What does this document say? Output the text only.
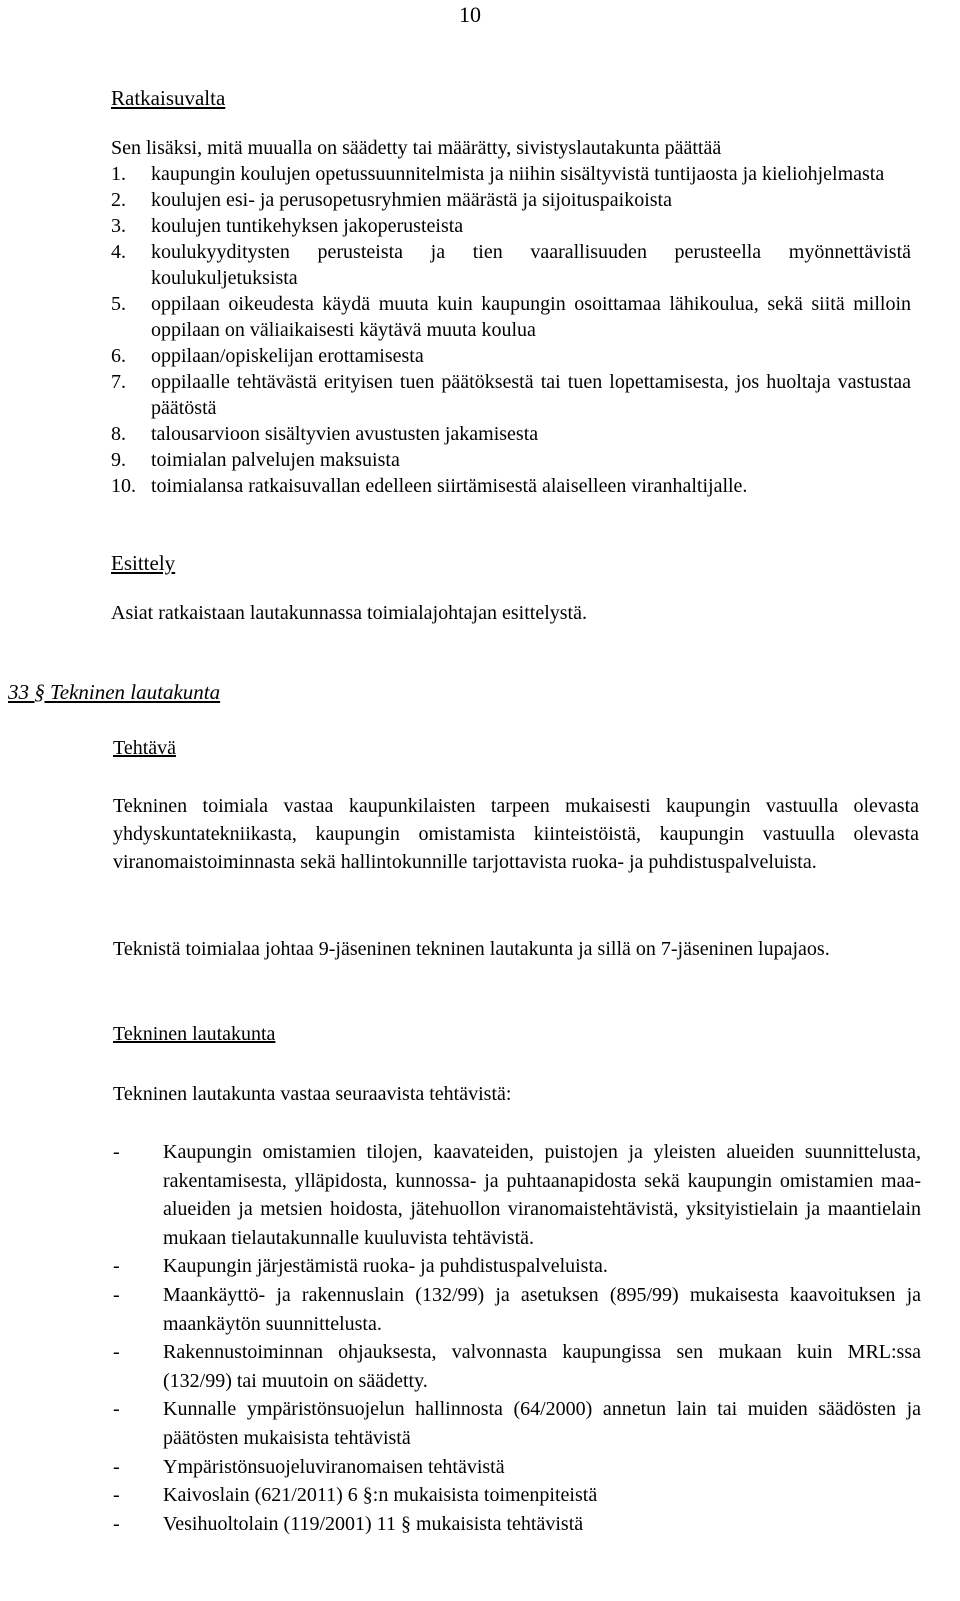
10
Ratkaisuvalta
Sen lisäksi, mitä muualla on säädetty tai määrätty, sivistyslautakunta päättää
1.	kaupungin koulujen opetussuunnitelmista ja niihin sisältyvistä tuntijaosta ja kieliohjelmasta
2.	koulujen esi- ja perusopetusryhmien määrästä ja sijoituspaikoista
3.	koulujen tuntikehyksen jakoperusteista
4.	koulukyyditysten perusteista ja tien vaarallisuuden perusteella myönnettävistä koulukuljetuksista
5.	oppilaan oikeudesta käydä muuta kuin kaupungin osoittamaa lähikoulua, sekä siitä milloin oppilaan on väliaikaisesti käytävä muuta koulua
6.	oppilaan/opiskelijan erottamisesta
7.	oppilaalle tehtävästä erityisen tuen päätöksestä tai tuen lopettamisesta, jos huoltaja vastustaa päätöstä
8.	talousarvioon sisältyvien avustusten jakamisesta
9.	toimialan palvelujen maksuista
10. toimialansa ratkaisuvallan edelleen siirtämisestä alaiselleen viranhaltijalle.
Esittely
Asiat ratkaistaan lautakunnassa toimialajohtajan esittelystä.
33 § Tekninen lautakunta
Tehtävä
Tekninen toimiala vastaa kaupunkilaisten tarpeen mukaisesti kaupungin vastuulla olevasta yhdyskuntatekniikasta, kaupungin omistamista kiinteistöistä, kaupungin vastuulla olevasta viranomaistoiminnasta sekä hallintokunnille tarjottavista ruoka- ja puhdistuspalveluista.
Teknistä toimialaa johtaa 9-jäseninen tekninen lautakunta ja sillä on 7-jäseninen lupajaos.
Tekninen lautakunta
Tekninen lautakunta vastaa seuraavista tehtävistä:
-	Kaupungin omistamien tilojen, kaavateiden, puistojen ja yleisten alueiden suunnittelusta, rakentamisesta, ylläpidosta, kunnossa- ja puhtaanapidosta sekä kaupungin omistamien maa-alueiden ja metsien hoidosta, jätehuollon viranomaistehtävistä, yksityistielain ja maantielain mukaan tielautakunnalle kuuluvista tehtävistä.
-	Kaupungin järjestämistä ruoka- ja puhdistuspalveluista.
-	Maankäyttö- ja rakennuslain (132/99) ja asetuksen (895/99) mukaisesta kaavoituksen ja maankäytön suunnittelusta.
-	Rakennustoiminnan ohjauksesta, valvonnasta kaupungissa sen mukaan kuin MRL:ssa (132/99) tai muutoin on säädetty.
-	Kunnalle ympäristönsuojelun hallinnosta (64/2000) annetun lain tai muiden säädösten ja päätösten mukaisista tehtävistä
-	Ympäristönsuojeluviranomaisen tehtävistä
-	Kaivoslain (621/2011) 6 §:n mukaisista toimenpiteistä
-	Vesihuoltolain (119/2001) 11 § mukaisista tehtävistä
